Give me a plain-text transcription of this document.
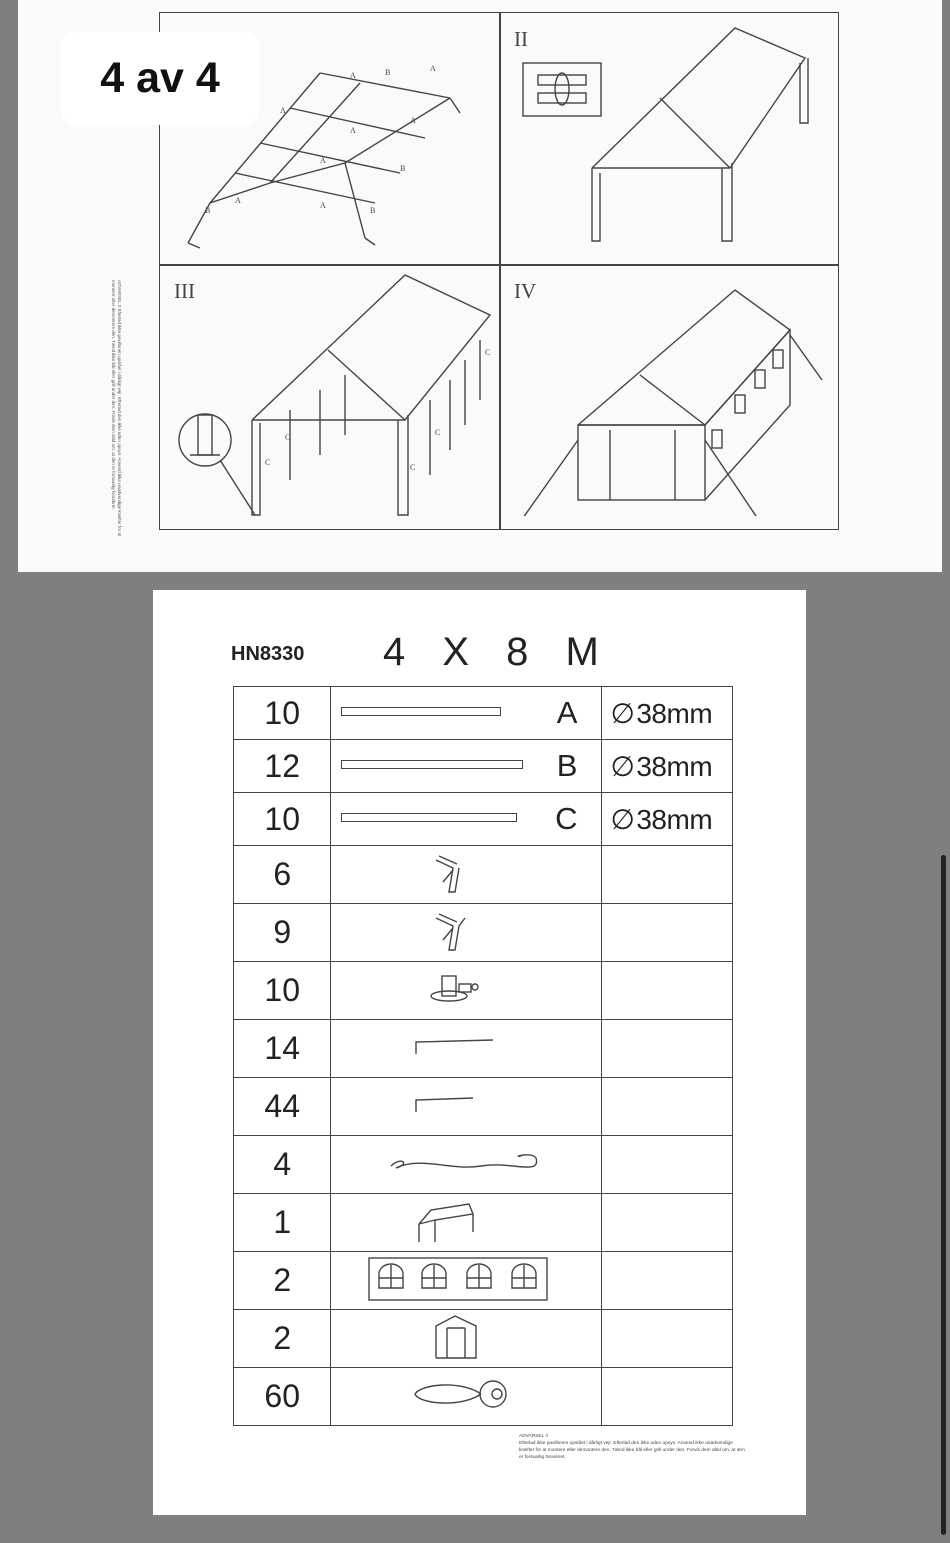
A	B	A
A
A
B
A
A
B
B
A
A
II
C
C
C
C
C
III	IV
ADVARSEL !! Efterlad ikke pavillonen opslået i dårligt vejr. Efterlad den ikke uden opsyn. Anvend ikke unødvendige kræfter for at montere eller demontere den. Tænd ikke bål eller grill under den. Forvis dem altid om, at den er forsvarlig forankret.
4 av 4
HN8330 4 X 8 M
10	A	∅38mm
12	B	∅38mm
10	C	∅38mm
6		
9		
10		
14		
44		
4		
1		
2		
2		
60		
ADVARSEL !!
Efterlad ikke pavillonen opslået i dårligt vejr. Efterlad den ikke uden opsyn. Anvend ikke unødvendige kræfter for at montere eller demontere den. Tænd ikke bål eller grill under den. Forvis dem altid om, at den er forsvarlig forankret.
